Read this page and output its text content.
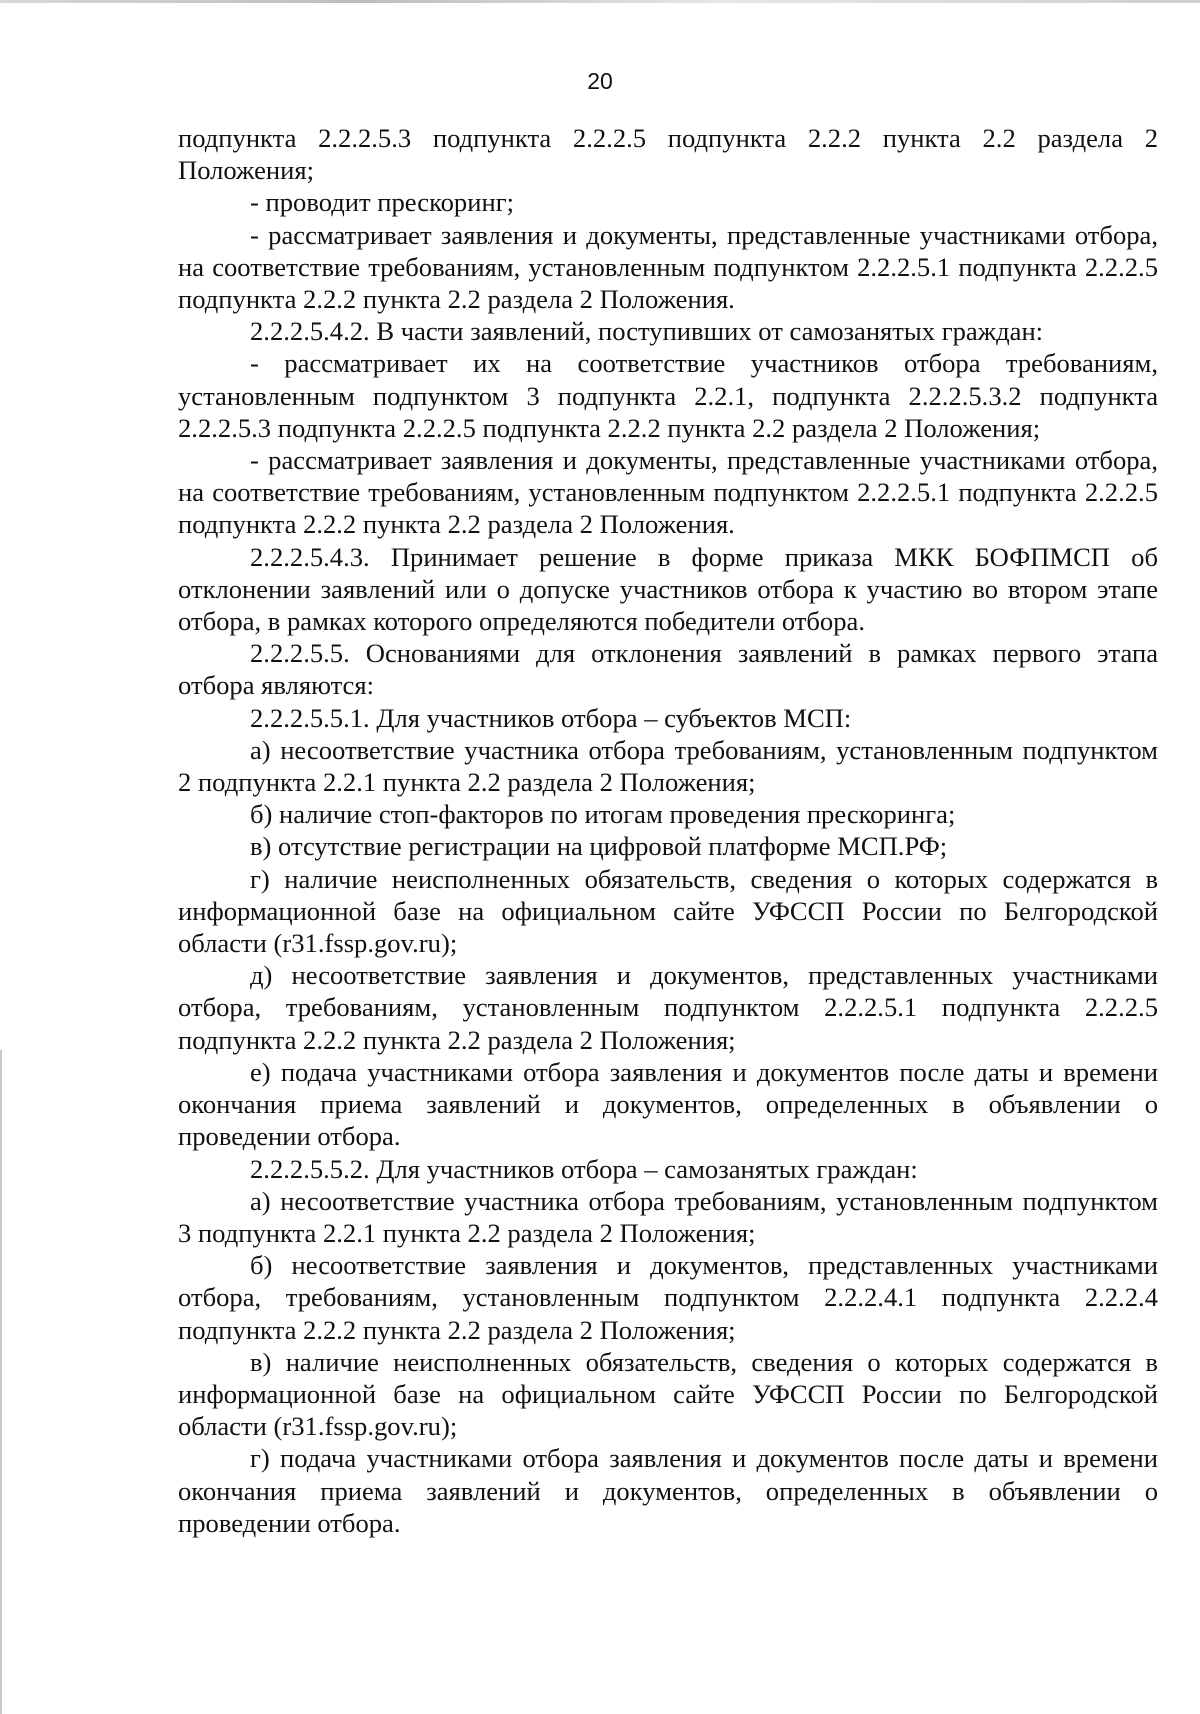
20

подпункта 2.2.2.5.3 подпункта 2.2.2.5 подпункта 2.2.2 пункта 2.2 раздела 2 Положения;

- проводит прескоринг;

- рассматривает заявления и документы, представленные участниками отбора, на соответствие требованиям, установленным подпунктом 2.2.2.5.1 подпункта 2.2.2.5 подпункта 2.2.2 пункта 2.2 раздела 2 Положения.

2.2.2.5.4.2. В части заявлений, поступивших от самозанятых граждан:

- рассматривает их на соответствие участников отбора требованиям, установленным подпунктом 3 подпункта 2.2.1, подпункта 2.2.2.5.3.2 подпункта 2.2.2.5.3 подпункта 2.2.2.5 подпункта 2.2.2 пункта 2.2 раздела 2 Положения;

- рассматривает заявления и документы, представленные участниками отбора, на соответствие требованиям, установленным подпунктом 2.2.2.5.1 подпункта 2.2.2.5 подпункта 2.2.2 пункта 2.2 раздела 2 Положения.

2.2.2.5.4.3. Принимает решение в форме приказа МКК БОФПМСП об отклонении заявлений или о допуске участников отбора к участию во втором этапе отбора, в рамках которого определяются победители отбора.

2.2.2.5.5. Основаниями для отклонения заявлений в рамках первого этапа отбора являются:

2.2.2.5.5.1. Для участников отбора – субъектов МСП:

а) несоответствие участника отбора требованиям, установленным подпунктом 2 подпункта 2.2.1 пункта 2.2 раздела 2 Положения;

б) наличие стоп-факторов по итогам проведения прескоринга;

в) отсутствие регистрации на цифровой платформе МСП.РФ;

г) наличие неисполненных обязательств, сведения о которых содержатся в информационной базе на официальном сайте УФССП России по Белгородской области (r31.fssp.gov.ru);

д) несоответствие заявления и документов, представленных участниками отбора, требованиям, установленным подпунктом 2.2.2.5.1 подпункта 2.2.2.5 подпункта 2.2.2 пункта 2.2 раздела 2 Положения;

е) подача участниками отбора заявления и документов после даты и времени окончания приема заявлений и документов, определенных в объявлении о проведении отбора.

2.2.2.5.5.2. Для участников отбора – самозанятых граждан:

а) несоответствие участника отбора требованиям, установленным подпунктом 3 подпункта 2.2.1 пункта 2.2 раздела 2 Положения;

б) несоответствие заявления и документов, представленных участниками отбора, требованиям, установленным подпунктом 2.2.2.4.1 подпункта 2.2.2.4 подпункта 2.2.2 пункта 2.2 раздела 2 Положения;

в) наличие неисполненных обязательств, сведения о которых содержатся в информационной базе на официальном сайте УФССП России по Белгородской области (r31.fssp.gov.ru);

г) подача участниками отбора заявления и документов после даты и времени окончания приема заявлений и документов, определенных в объявлении о проведении отбора.
